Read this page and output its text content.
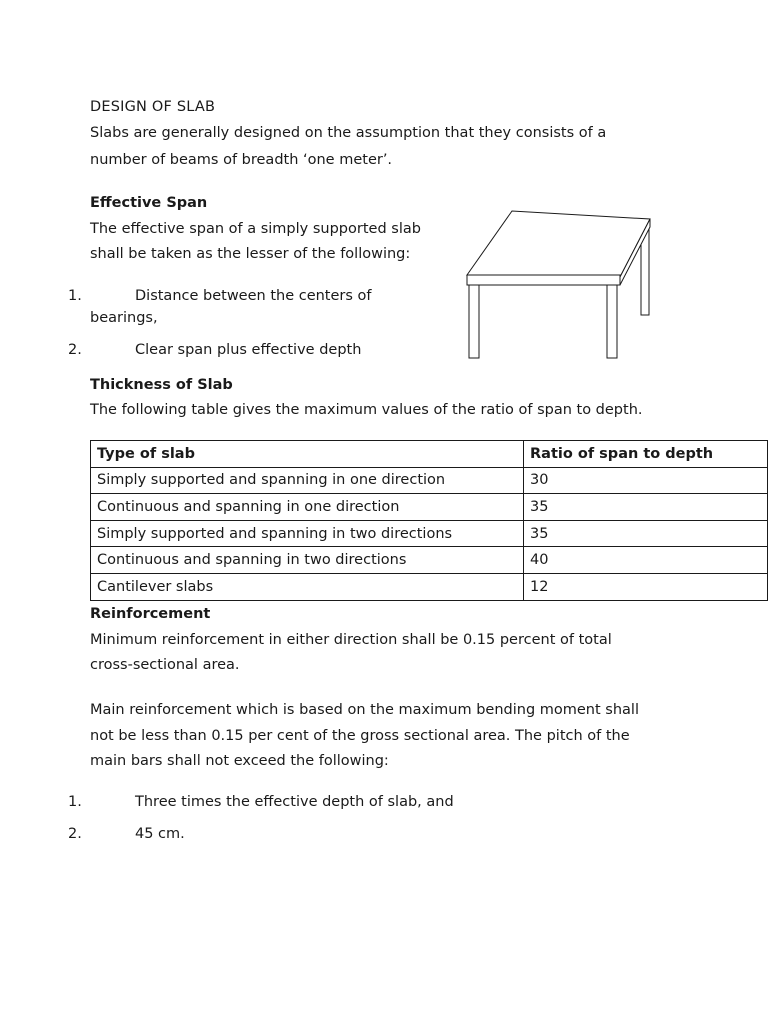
DESIGN OF SLAB
Slabs are generally designed on the assumption that they consists of a
number of beams of breadth ‘one meter’.
Effective Span
The effective span of a simply supported slab
shall be taken as the lesser of the following:
1.	Distance between the centers of
bearings,
2.	Clear span plus effective depth
Thickness of Slab
The following table gives the maximum values of the ratio of span to depth.
Type of slab	Ratio of span to depth
Simply supported and spanning in one direction	30
Continuous and spanning in one direction	35
Simply supported and spanning in two directions	35
Continuous and spanning in two directions	40
Cantilever slabs	12
Reinforcement
Minimum reinforcement in either direction shall be 0.15 percent of total
cross-sectional area.
Main reinforcement which is based on the maximum bending moment shall
not be less than 0.15 per cent of the gross sectional area. The pitch of the
main bars shall not exceed the following:
1.	Three times the effective depth of slab, and
2.	45 cm.
